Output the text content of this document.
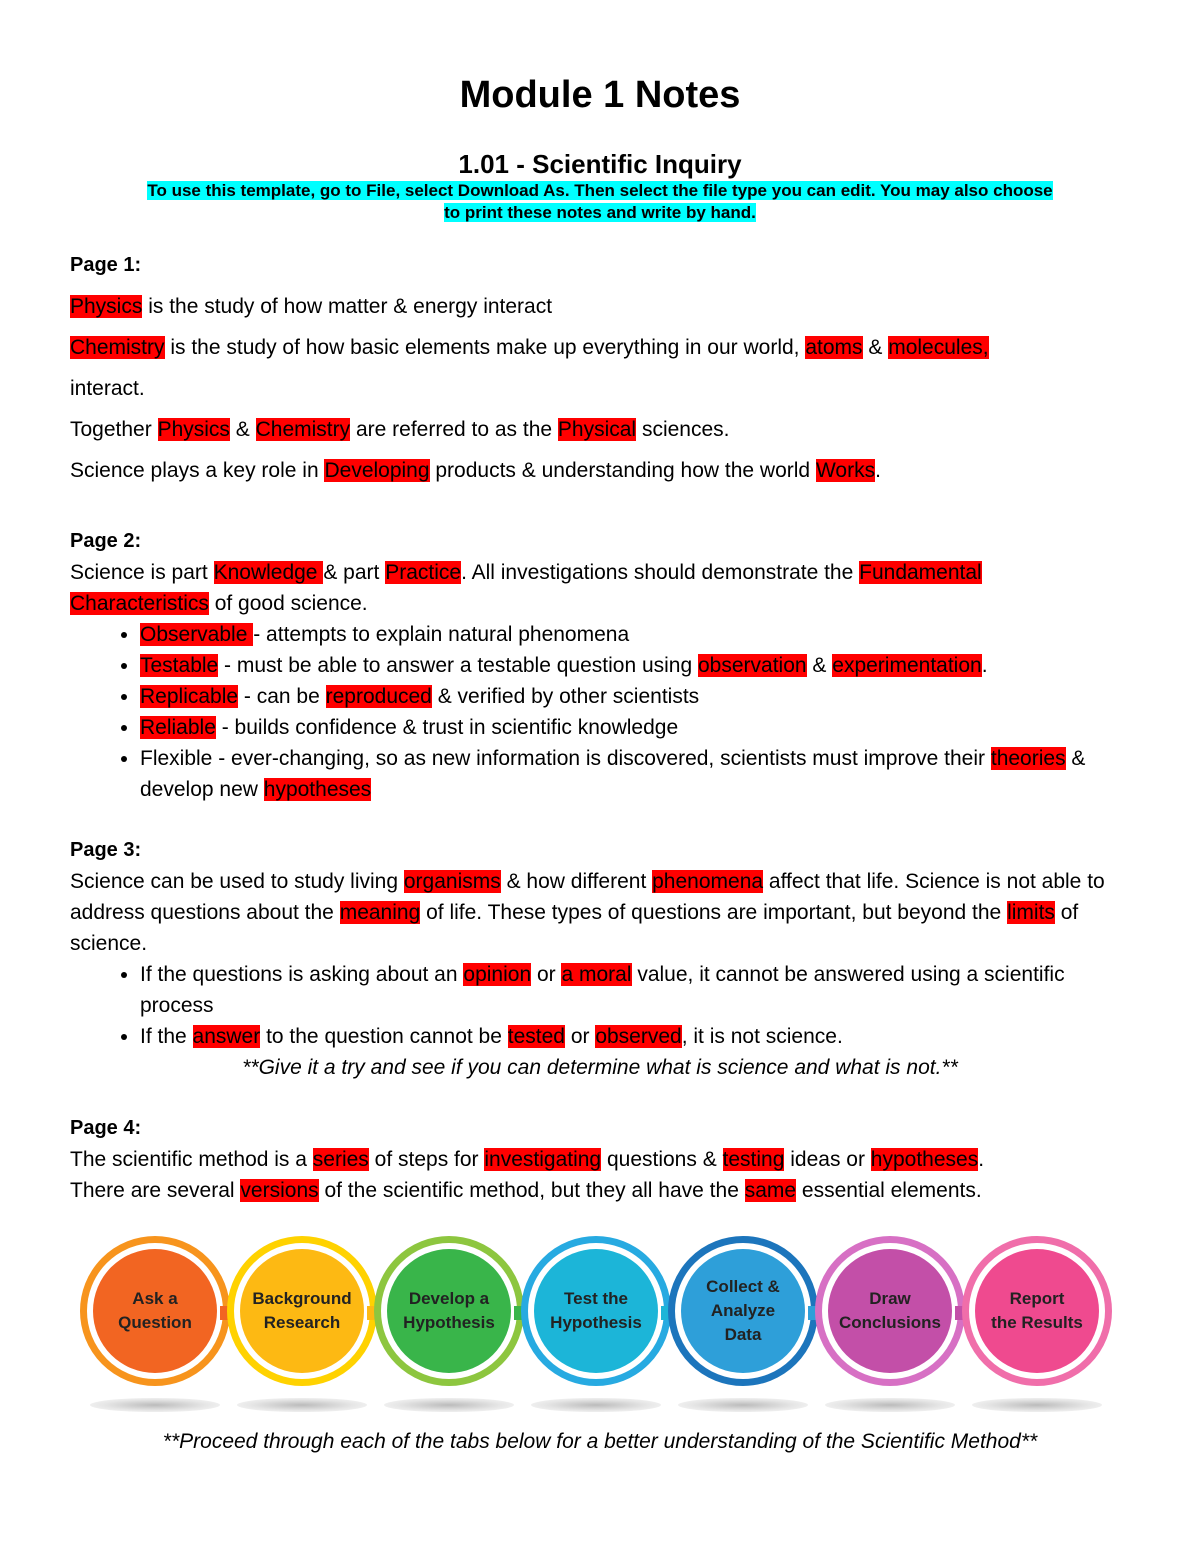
Module 1 Notes
1.01 - Scientific Inquiry

To use this template, go to File, select Download As. Then select the file type you can edit. You may also choose
to print these notes and write by hand.

Page 1:

Physics is the study of how matter & energy interact

Chemistry is the study of how basic elements make up everything in our world, atoms & molecules,

interact.

Together Physics & Chemistry are referred to as the Physical sciences.

Science plays a key role in Developing products & understanding how the world Works.

Page 2:

Science is part Knowledge & part Practice. All investigations should demonstrate the Fundamental
Characteristics of good science.

• Observable - attempts to explain natural phenomena
• Testable - must be able to answer a testable question using observation & experimentation.
• Replicable - can be reproduced & verified by other scientists
• Reliable - builds confidence & trust in scientific knowledge
• Flexible - ever-changing, so as new information is discovered, scientists must improve their theories & develop new hypotheses

Page 3:

Science can be used to study living organisms & how different phenomena affect that life. Science is not able to address questions about the meaning of life. These types of questions are important, but beyond the limits of science.

• If the questions is asking about an opinion or a moral value, it cannot be answered using a scientific process
• If the answer to the question cannot be tested or observed, it is not science.

**Give it a try and see if you can determine what is science and what is not.**

Page 4:

The scientific method is a series of steps for investigating questions & testing ideas or hypotheses.

There are several versions of the scientific method, but they all have the same essential elements.

Ask a
Question
Background
Research
Develop a
Hypothesis
Test the
Hypothesis
Collect &
Analyze
Data
Draw
Conclusions
Report
the Results

**Proceed through each of the tabs below for a better understanding of the Scientific Method**
